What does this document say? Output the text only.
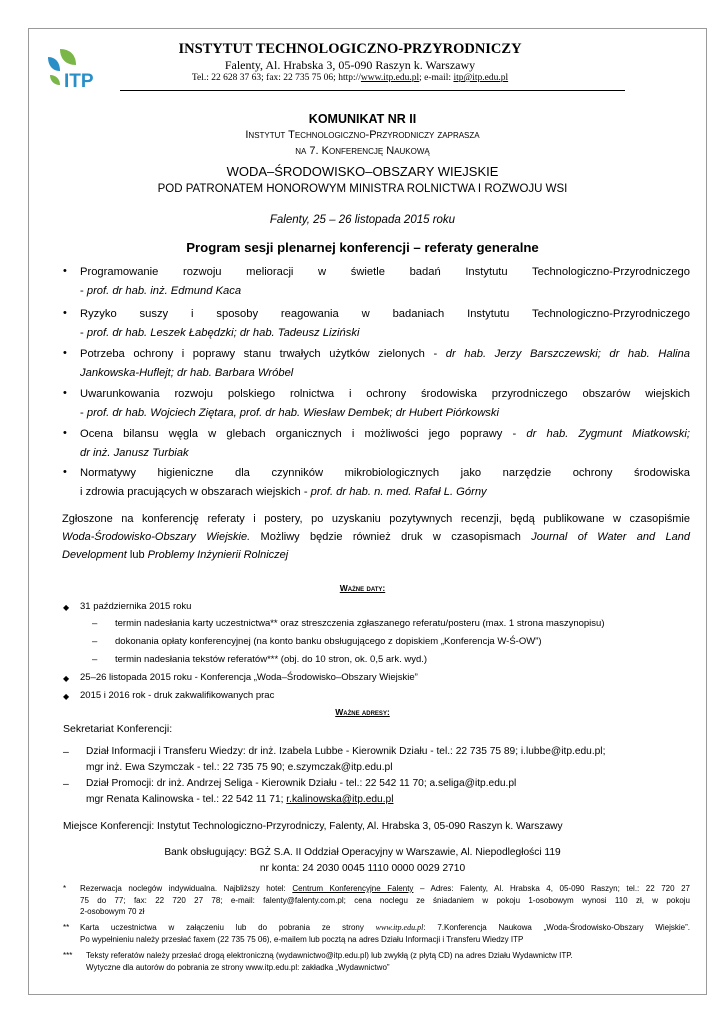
ITP
INSTYTUT TECHNOLOGICZNO-PRZYRODNICZY
Falenty, Al. Hrabska 3, 05-090 Raszyn k. Warszawy
Tel.: 22 628 37 63; fax: 22 735 75 06; http://www.itp.edu.pl; e-mail: itp@itp.edu.pl
KOMUNIKAT NR II
Instytut Technologiczno-Przyrodniczy zaprasza
na 7. Konferencję Naukową
WODA–ŚRODOWISKO–OBSZARY WIEJSKIE
POD PATRONATEM HONOROWYM MINISTRA ROLNICTWA I ROZWOJU WSI
Falenty, 25 – 26 listopada 2015 roku
Program sesji plenarnej konferencji – referaty generalne
• Programowanie rozwoju melioracji w świetle badań Instytutu Technologiczno-Przyrodniczego
- prof. dr hab. inż. Edmund Kaca
• Ryzyko suszy i sposoby reagowania w badaniach Instytutu Technologiczno-Przyrodniczego
- prof. dr hab. Leszek Łabędzki; dr hab. Tadeusz Liziński
• Potrzeba ochrony i poprawy stanu trwałych użytków zielonych - dr hab. Jerzy Barszczewski; dr hab. Halina
Jankowska-Huflejt; dr hab. Barbara Wróbel
• Uwarunkowania rozwoju polskiego rolnictwa i ochrony środowiska przyrodniczego obszarów wiejskich
- prof. dr hab. Wojciech Ziętara, prof. dr hab. Wiesław Dembek; dr Hubert Piórkowski
• Ocena bilansu węgla w glebach organicznych i możliwości jego poprawy - dr hab. Zygmunt Miatkowski;
dr inż. Janusz Turbiak
• Normatywy higieniczne dla czynników mikrobiologicznych jako narzędzie ochrony środowiska
i zdrowia pracujących w obszarach wiejskich - prof. dr hab. n. med. Rafał L. Górny
Zgłoszone na konferencję referaty i postery, po uzyskaniu pozytywnych recenzji, będą publikowane w czasopiśmie
Woda-Środowisko-Obszary Wiejskie. Możliwy będzie również druk w czasopismach Journal of Water and Land
Development lub Problemy Inżynierii Rolniczej
Ważne daty:
◆ 31 października 2015 roku
– termin nadesłania karty uczestnictwa** oraz streszczenia zgłaszanego referatu/posteru (max. 1 strona maszynopisu)
– dokonania opłaty konferencyjnej (na konto banku obsługującego z dopiskiem „Konferencja W-Ś-OW”)
– termin nadesłania tekstów referatów*** (obj. do 10 stron, ok. 0,5 ark. wyd.)
◆ 25–26 listopada 2015 roku - Konferencja „Woda–Środowisko–Obszary Wiejskie”
◆ 2015 i 2016 rok - druk zakwalifikowanych prac
Ważne adresy:
Sekretariat Konferencji:
– Dział Informacji i Transferu Wiedzy: dr inż. Izabela Lubbe - Kierownik Działu - tel.: 22 735 75 89; i.lubbe@itp.edu.pl;
mgr inż. Ewa Szymczak - tel.: 22 735 75 90; e.szymczak@itp.edu.pl
– Dział Promocji: dr inż. Andrzej Seliga - Kierownik Działu - tel.: 22 542 11 70; a.seliga@itp.edu.pl
mgr Renata Kalinowska - tel.: 22 542 11 71; r.kalinowska@itp.edu.pl
Miejsce Konferencji: Instytut Technologiczno-Przyrodniczy, Falenty, Al. Hrabska 3, 05-090 Raszyn k. Warszawy
Bank obsługujący: BGŻ S.A. II Oddział Operacyjny w Warszawie, Al. Niepodległości 119
nr konta: 24 2030 0045 1110 0000 0029 2710
* Rezerwacja noclegów indywidualna. Najbliższy hotel: Centrum Konferencyjne Falenty – Adres: Falenty, Al. Hrabska 4, 05-090 Raszyn; tel.: 22 720 27
75 do 77; fax: 22 720 27 78; e-mail: falenty@falenty.com.pl; cena noclegu ze śniadaniem w pokoju 1-osobowym wynosi 110 zł, w pokoju
2-osobowym 70 zł
** Karta uczestnictwa w załączeniu lub do pobrania ze strony www.itp.edu.pl: 7.Konferencja Naukowa „Woda-Środowisko-Obszary Wiejskie”.
Po wypełnieniu należy przesłać faxem (22 735 75 06), e-mailem lub pocztą na adres Działu Informacji i Transferu Wiedzy ITP
*** Teksty referatów należy przesłać drogą elektroniczną (wydawnictwo@itp.edu.pl) lub zwykłą (z płytą CD) na adres Działu Wydawnictw ITP.
Wytyczne dla autorów do pobrania ze strony www.itp.edu.pl: zakładka „Wydawnictwo”
